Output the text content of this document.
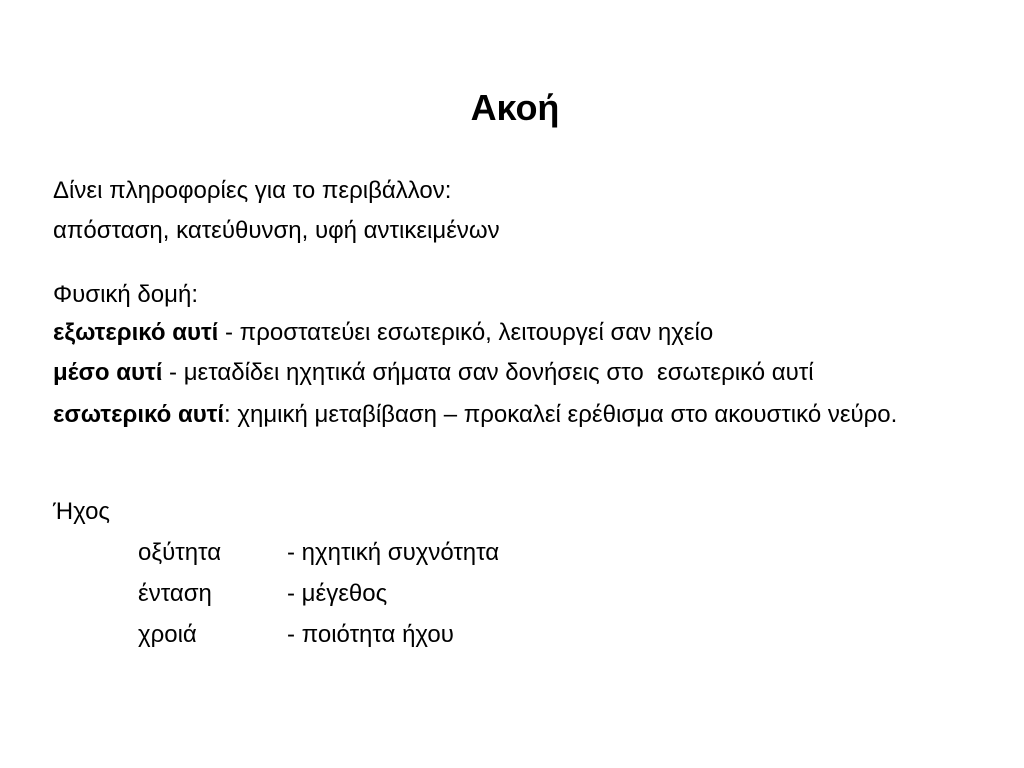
Ακοή
Δίνει πληροφορίες για το περιβάλλον:
απόσταση, κατεύθυνση, υφή αντικειμένων
Φυσική δομή:
εξωτερικό αυτί - προστατεύει εσωτερικό, λειτουργεί σαν ηχείο
μέσο αυτί - μεταδίδει ηχητικά σήματα σαν δονήσεις στο  εσωτερικό αυτί
εσωτερικό αυτί: χημική μεταβίβαση – προκαλεί ερέθισμα στο ακουστικό νεύρο.
Ήχος
οξύτητα	- ηχητική συχνότητα
ένταση	- μέγεθος
χροιά	- ποιότητα ήχου
